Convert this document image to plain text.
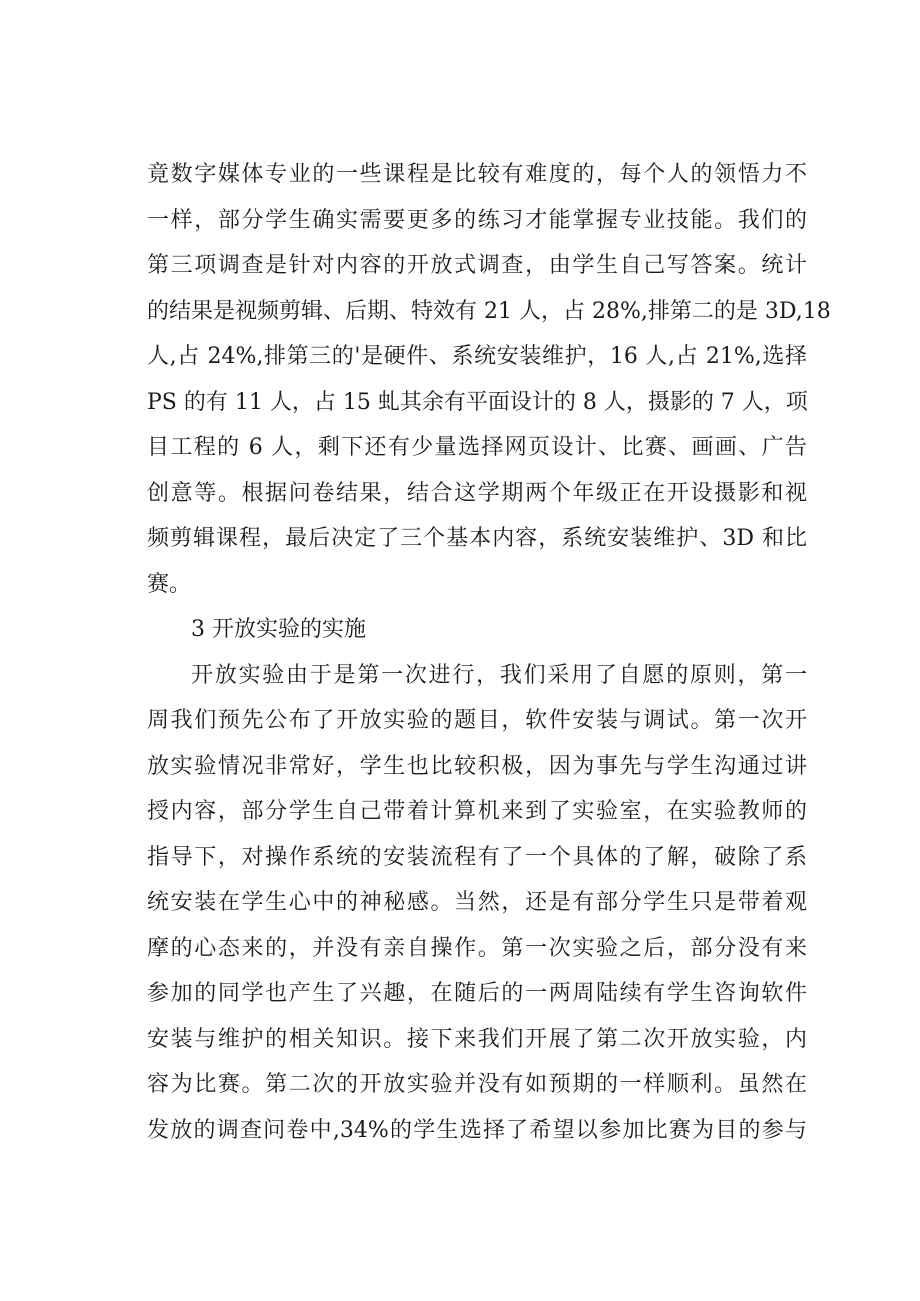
竟数字媒体专业的一些课程是比较有难度的，每个人的领悟力不
一样，部分学生确实需要更多的练习才能掌握专业技能。我们的
第三项调查是针对内容的开放式调查，由学生自己写答案。统计
的结果是视频剪辑、后期、特效有 21 人，占 28%,排第二的是 3D,18
人,占 24%,排第三的'是硬件、系统安装维护，16 人,占 21%,选择
PS 的有 11 人，占 15 虬其余有平面设计的 8 人，摄影的 7 人，项
目工程的 6 人，剩下还有少量选择网页设计、比赛、画画、广告
创意等。根据问卷结果，结合这学期两个年级正在开设摄影和视
频剪辑课程，最后决定了三个基本内容，系统安装维护、3D 和比
赛。
3 开放实验的实施
开放实验由于是第一次进行，我们采用了自愿的原则，第一
周我们预先公布了开放实验的题目，软件安装与调试。第一次开
放实验情况非常好，学生也比较积极，因为事先与学生沟通过讲
授内容，部分学生自己带着计算机来到了实验室，在实验教师的
指导下，对操作系统的安装流程有了一个具体的了解，破除了系
统安装在学生心中的神秘感。当然，还是有部分学生只是带着观
摩的心态来的，并没有亲自操作。第一次实验之后，部分没有来
参加的同学也产生了兴趣，在随后的一两周陆续有学生咨询软件
安装与维护的相关知识。接下来我们开展了第二次开放实验，内
容为比赛。第二次的开放实验并没有如预期的一样顺利。虽然在
发放的调查问卷中,34%的学生选择了希望以参加比赛为目的参与
